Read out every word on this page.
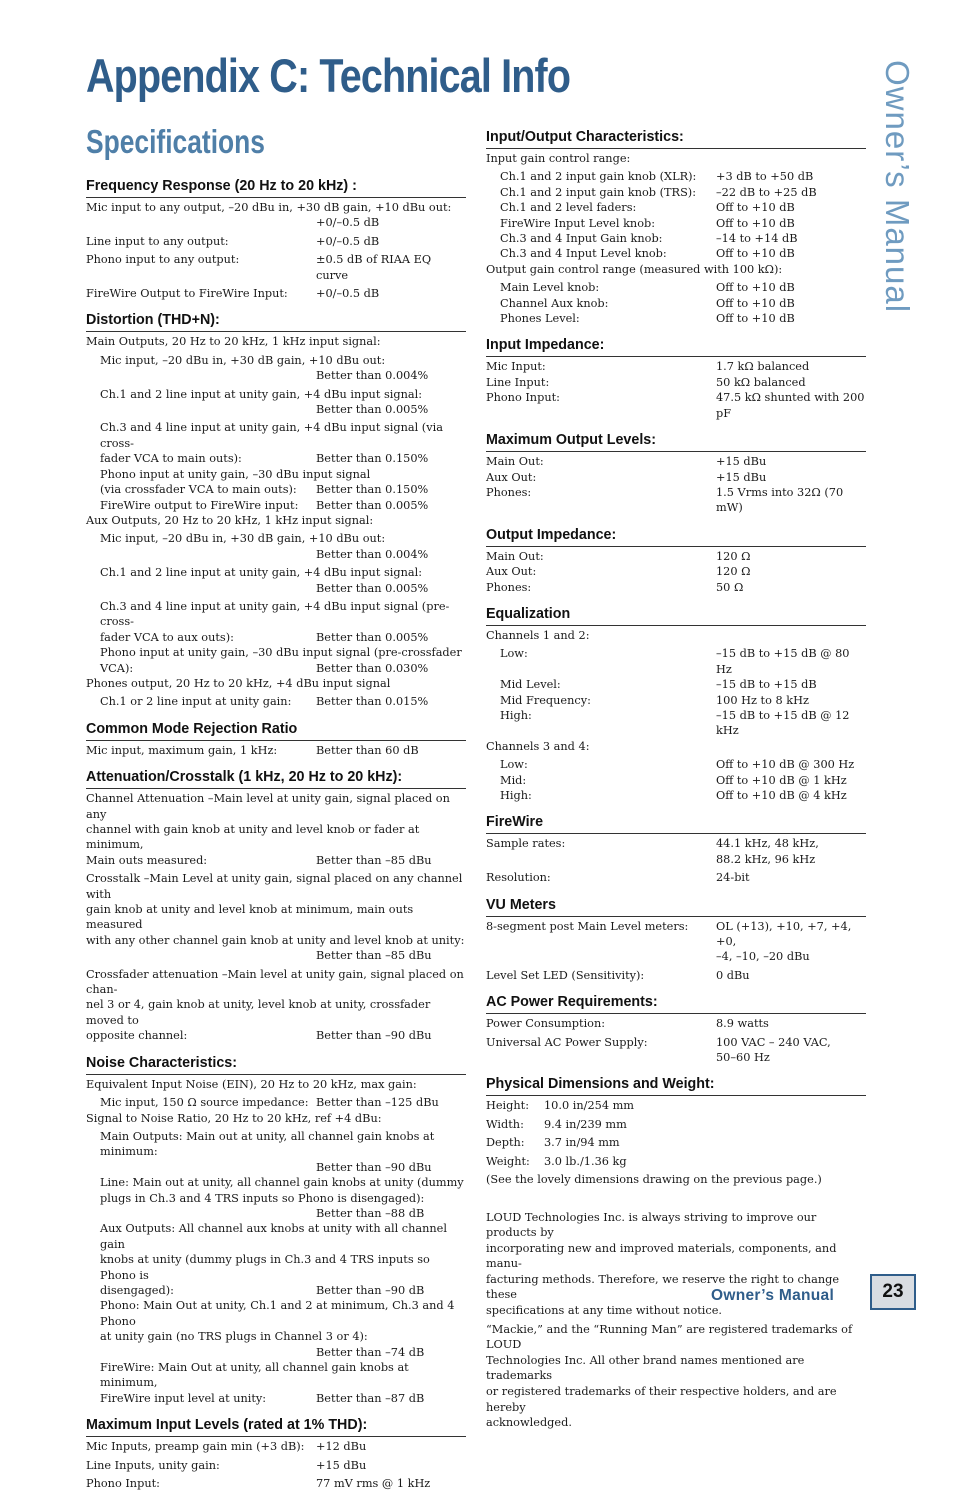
Appendix C: Technical Info
Specifications	Owner’s Manual
Frequency Response (20 Hz to 20 kHz) :
Mic input to any output, –20 dBu in, +30 dB gain, +10 dBu out:
+0/–0.5 dB
Line input to any output:	+0/–0.5 dB
Phono input to any output:	±0.5 dB of RIAA EQ curve
FireWire Output to FireWire Input:	+0/–0.5 dB
Distortion (THD+N):
Main Outputs, 20 Hz to 20 kHz, 1 kHz input signal:
Mic input, –20 dBu in, +30 dB gain, +10 dBu out:
Better than 0.004%
Ch.1 and 2 line input at unity gain, +4 dBu input signal:
Better than 0.005%
Ch.3 and 4 line input at unity gain, +4 dBu input signal (via cross-
fader VCA to main outs):	Better than 0.150%
Phono input at unity gain, –30 dBu input signal
(via crossfader VCA to main outs):	Better than 0.150%
FireWire output to FireWire input:	Better than 0.005%
Aux Outputs, 20 Hz to 20 kHz, 1 kHz input signal:
Mic input, –20 dBu in, +30 dB gain, +10 dBu out:
Better than 0.004%
Ch.1 and 2 line input at unity gain, +4 dBu input signal:
Better than 0.005%
Ch.3 and 4 line input at unity gain, +4 dBu input signal (pre-cross-
fader VCA to aux outs):	Better than 0.005%
Phono input at unity gain, –30 dBu input signal (pre-crossfader
VCA):	Better than 0.030%
Phones output, 20 Hz to 20 kHz, +4 dBu input signal
Ch.1 or 2 line input at unity gain:	Better than 0.015%
Common Mode Rejection Ratio
Mic input, maximum gain, 1 kHz:	Better than 60 dB
Attenuation/Crosstalk (1 kHz, 20 Hz to 20 kHz):
Channel Attenuation –Main level at unity gain, signal placed on any
channel with gain knob at unity and level knob or fader at minimum,
Main outs measured:	Better than –85 dBu
Crosstalk –Main Level at unity gain, signal placed on any channel with
gain knob at unity and level knob at minimum, main outs measured
with any other channel gain knob at unity and level knob at unity:
Better than –85 dBu
Crossfader attenuation –Main level at unity gain, signal placed on chan-
nel 3 or 4, gain knob at unity, level knob at unity, crossfader moved to
opposite channel:	Better than –90 dBu
Noise Characteristics:
Equivalent Input Noise (EIN), 20 Hz to 20 kHz, max gain:
Mic input, 150 Ω source impedance: Better than –125 dBu
Signal to Noise Ratio, 20 Hz to 20 kHz, ref +4 dBu:
Main Outputs: Main out at unity, all channel gain knobs at minimum:
Better than –90 dBu
Line: Main out at unity, all channel gain knobs at unity (dummy
plugs in Ch.3 and 4 TRS inputs so Phono is disengaged):
Better than –88 dB
Aux Outputs: All channel aux knobs at unity with all channel gain
knobs at unity (dummy plugs in Ch.3 and 4 TRS inputs so Phono is
disengaged):	Better than –90 dB
Phono: Main Out at unity, Ch.1 and 2 at minimum, Ch.3 and 4 Phono
at unity gain (no TRS plugs in Channel 3 or 4):
Better than –74 dB
FireWire: Main Out at unity, all channel gain knobs at minimum,
FireWire input level at unity:	Better than –87 dB
Maximum Input Levels (rated at 1% THD):
Mic Inputs, preamp gain min (+3 dB):	+12 dBu
Line Inputs, unity gain:	+15 dBu
Phono Input:	77 mV rms @ 1 kHz
Input/Output Characteristics:
Input gain control range:
Ch.1 and 2 input gain knob (XLR):	+3 dB to +50 dB
Ch.1 and 2 input gain knob (TRS):	–22 dB to +25 dB
Ch.1 and 2 level faders:	Off to +10 dB
FireWire Input Level knob:	Off to +10 dB
Ch.3 and 4 Input Gain knob:	–14 to +14 dB
Ch.3 and 4 Input Level knob:	Off to +10 dB
Output gain control range (measured with 100 kΩ):
Main Level knob:	Off to +10 dB
Channel Aux knob:	Off to +10 dB
Phones Level:	Off to +10 dB
Input Impedance:
Mic Input:	1.7 kΩ balanced
Line Input:	50 kΩ balanced
Phono Input:	47.5 kΩ shunted with 200 pF
Maximum Output Levels:
Main Out:	+15 dBu
Aux Out:	+15 dBu
Phones:	1.5 Vrms into 32Ω (70 mW)
Output Impedance:
Main Out:	120 Ω
Aux Out:	120 Ω
Phones:	50 Ω
Equalization
Channels 1 and 2:
Low:	–15 dB to +15 dB @ 80 Hz
Mid Level:	–15 dB to +15 dB
Mid Frequency:	100 Hz to 8 kHz
High:	–15 dB to +15 dB @ 12 kHz
Channels 3 and 4:
Low:	Off to +10 dB @ 300 Hz
Mid:	Off to +10 dB @ 1 kHz
High:	Off to +10 dB @ 4 kHz
FireWire
Sample rates:	44.1 kHz, 48 kHz,
88.2 kHz, 96 kHz
Resolution:	24-bit
VU Meters
8-segment post Main Level meters:	OL (+13), +10, +7, +4, +0,
–4, –10, –20 dBu
Level Set LED (Sensitivity):	0 dBu
AC Power Requirements:
Power Consumption:	8.9 watts
Universal AC Power Supply:	100 VAC – 240 VAC,
50–60 Hz
Physical Dimensions and Weight:
Height:	10.0 in/254 mm
Width:	9.4 in/239 mm
Depth:	3.7 in/94 mm
Weight:	3.0 lb./1.36 kg
(See the lovely dimensions drawing on the previous page.)

LOUD Technologies Inc. is always striving to improve our products by
incorporating new and improved materials, components, and manu-
facturing methods. Therefore, we reserve the right to change these
specifications at any time without notice.

“Mackie,” and the “Running Man” are registered trademarks of LOUD
Technologies Inc. All other brand names mentioned are trademarks
or registered trademarks of their respective holders, and are hereby
acknowledged.

Owner’s Manual	23
